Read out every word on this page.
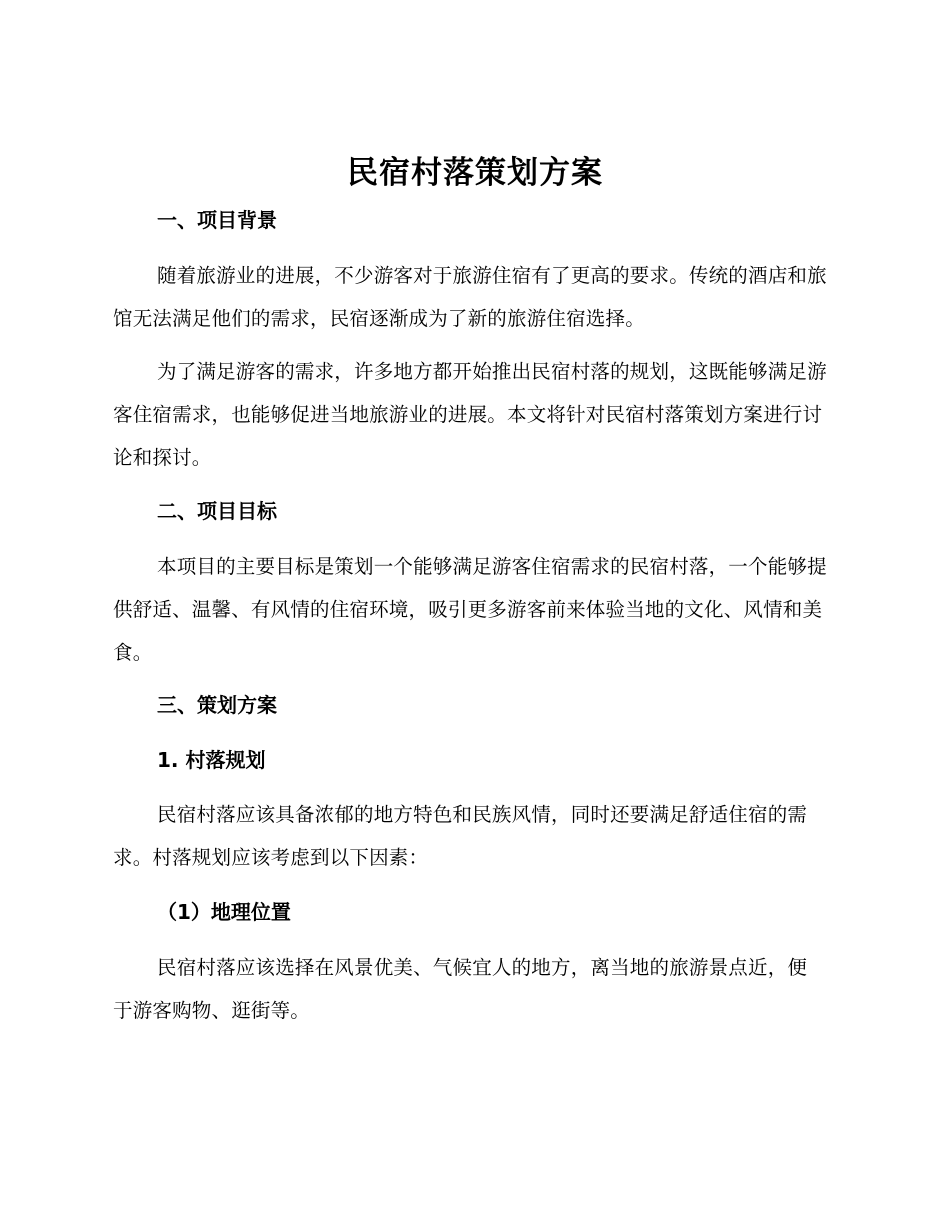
民宿村落策划方案
一、项目背景
随着旅游业的进展，不少游客对于旅游住宿有了更高的要求。传统的酒店和旅馆无法满足他们的需求，民宿逐渐成为了新的旅游住宿选择。
为了满足游客的需求，许多地方都开始推出民宿村落的规划，这既能够满足游客住宿需求，也能够促进当地旅游业的进展。本文将针对民宿村落策划方案进行讨论和探讨。
二、项目目标
本项目的主要目标是策划一个能够满足游客住宿需求的民宿村落，一个能够提供舒适、温馨、有风情的住宿环境，吸引更多游客前来体验当地的文化、风情和美食。
三、策划方案
1. 村落规划
民宿村落应该具备浓郁的地方特色和民族风情，同时还要满足舒适住宿的需求。村落规划应该考虑到以下因素：
（1）地理位置
民宿村落应该选择在风景优美、气候宜人的地方，离当地的旅游景点近，便于游客购物、逛街等。
